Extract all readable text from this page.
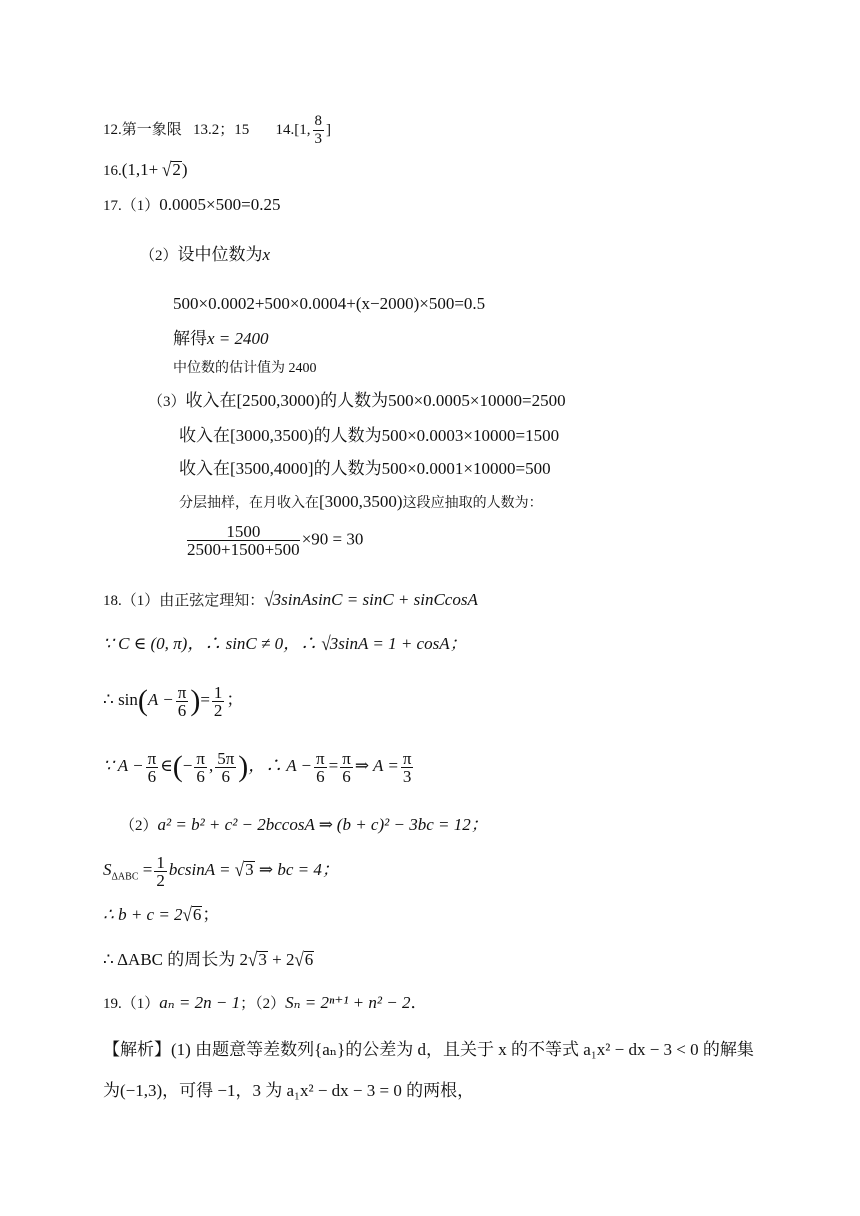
12.第一象限 13.2；15 14.[1, $\frac{8}{3}$ ]
16.(1,1+ √2)
17.（1）0.0005×500=0.25
（2）设中位数为x
500×0.0002+500×0.0004+(x−2000)×500=0.5
解得x = 2400
中位数的估计值为 2400
（3）收入在[2500,3000)的人数为500×0.0005×10000=2500
收入在[3000,3500)的人数为500×0.0003×10000=1500
收入在[3500,4000]的人数为500×0.0001×10000=500
分层抽样，在月收入在[3000,3500)这段应抽取的人数为：
$\frac{1500}{2500+1500+500} \times 90 = 30$
18.（1）由正弦定理知：√3sinAsinC = sinC + sinCcosA
∵ C ∈ (0, π)，∴ sinC ≠ 0，∴ √3sinA = 1 + cosA；
∴ $\sin(A - \frac{\pi}{6}$ )= $\frac{1}{2}$ ；
∵ $A - \frac{\pi}{6}$ ∈(− $\frac{\pi}{6}$ , $\frac{5\pi}{6}$ )，∴ $A - \frac{\pi}{6} = \frac{\pi}{6}$ ⇒ $A = \frac{\pi}{3}$
（2）a² = b² + c² − 2bccosA ⇒ (b + c)² − 3bc = 12；
$S_{\Delta ABC} = \frac{1}{2}$ bcsinA = √3 ⇒ bc = 4；
∴ b + c = 2√6；
∴ ΔABC 的周长为 2√3 + 2√6
19.（1）aₙ = 2n − 1；（2）Sₙ = 2ⁿ⁺¹ + n² − 2．
【解析】(1) 由题意等差数列{aₙ}的公差为 d，且关于 x 的不等式 a₁x² − dx − 3 < 0 的解集
为(−1,3)，可得 −1，3 为 a₁x² − dx − 3 = 0 的两根，
